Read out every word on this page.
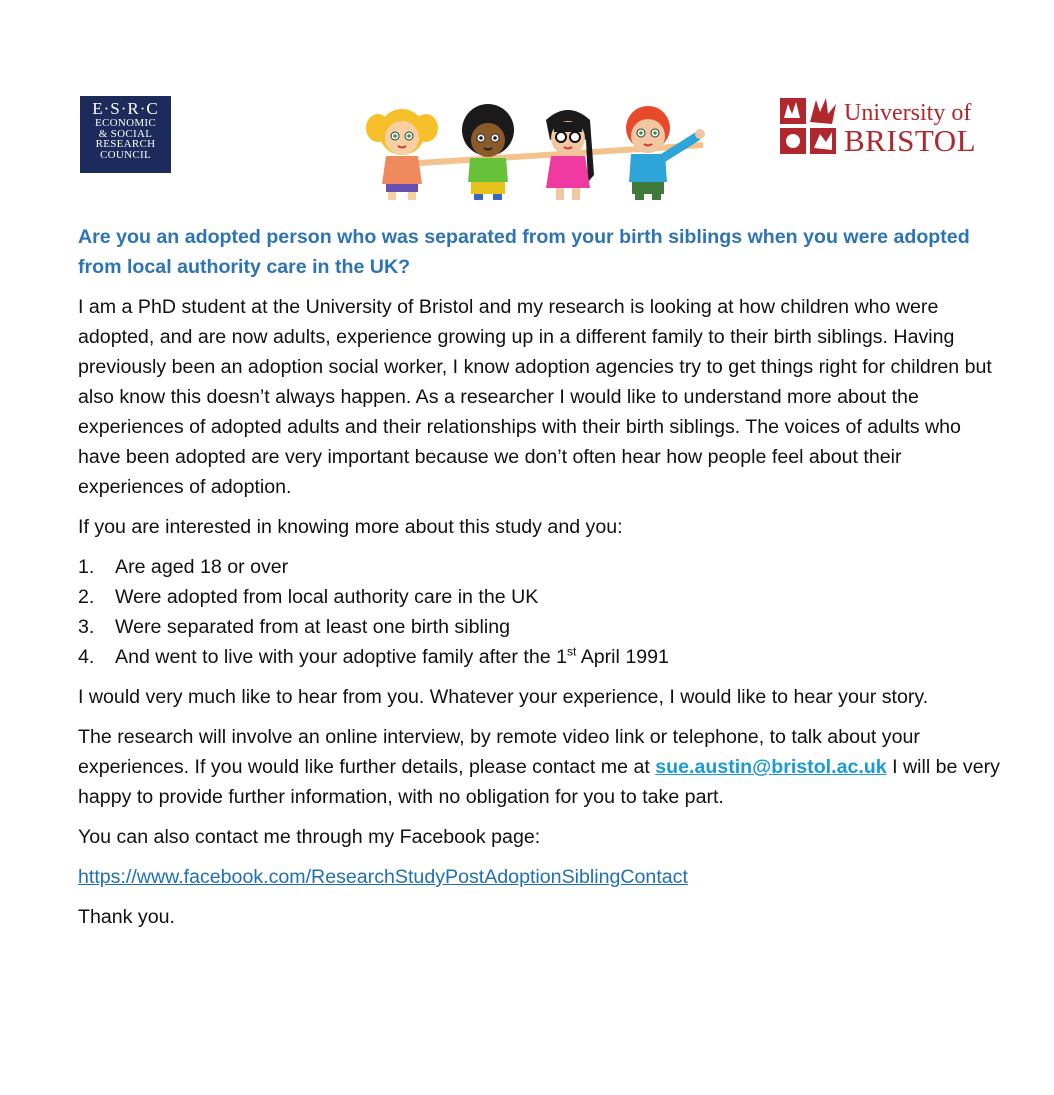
E·S·R·C
ECONOMIC
& SOCIAL
RESEARCH
COUNCIL
University of
BRISTOL

Are you an adopted person who was separated from your birth siblings when you were adopted from local authority care in the UK?

I am a PhD student at the University of Bristol and my research is looking at how children who were adopted, and are now adults, experience growing up in a different family to their birth siblings. Having previously been an adoption social worker, I know adoption agencies try to get things right for children but also know this doesn’t always happen. As a researcher I would like to understand more about the experiences of adopted adults and their relationships with their birth siblings. The voices of adults who have been adopted are very important because we don’t often hear how people feel about their experiences of adoption.

If you are interested in knowing more about this study and you:

1.	Are aged 18 or over
2.	Were adopted from local authority care in the UK
3.	Were separated from at least one birth sibling
4.	And went to live with your adoptive family after the 1st April 1991

I would very much like to hear from you. Whatever your experience, I would like to hear your story.

The research will involve an online interview, by remote video link or telephone, to talk about your experiences. If you would like further details, please contact me at sue.austin@bristol.ac.uk I will be very happy to provide further information, with no obligation for you to take part.

You can also contact me through my Facebook page:

https://www.facebook.com/ResearchStudyPostAdoptionSiblingContact

Thank you.
